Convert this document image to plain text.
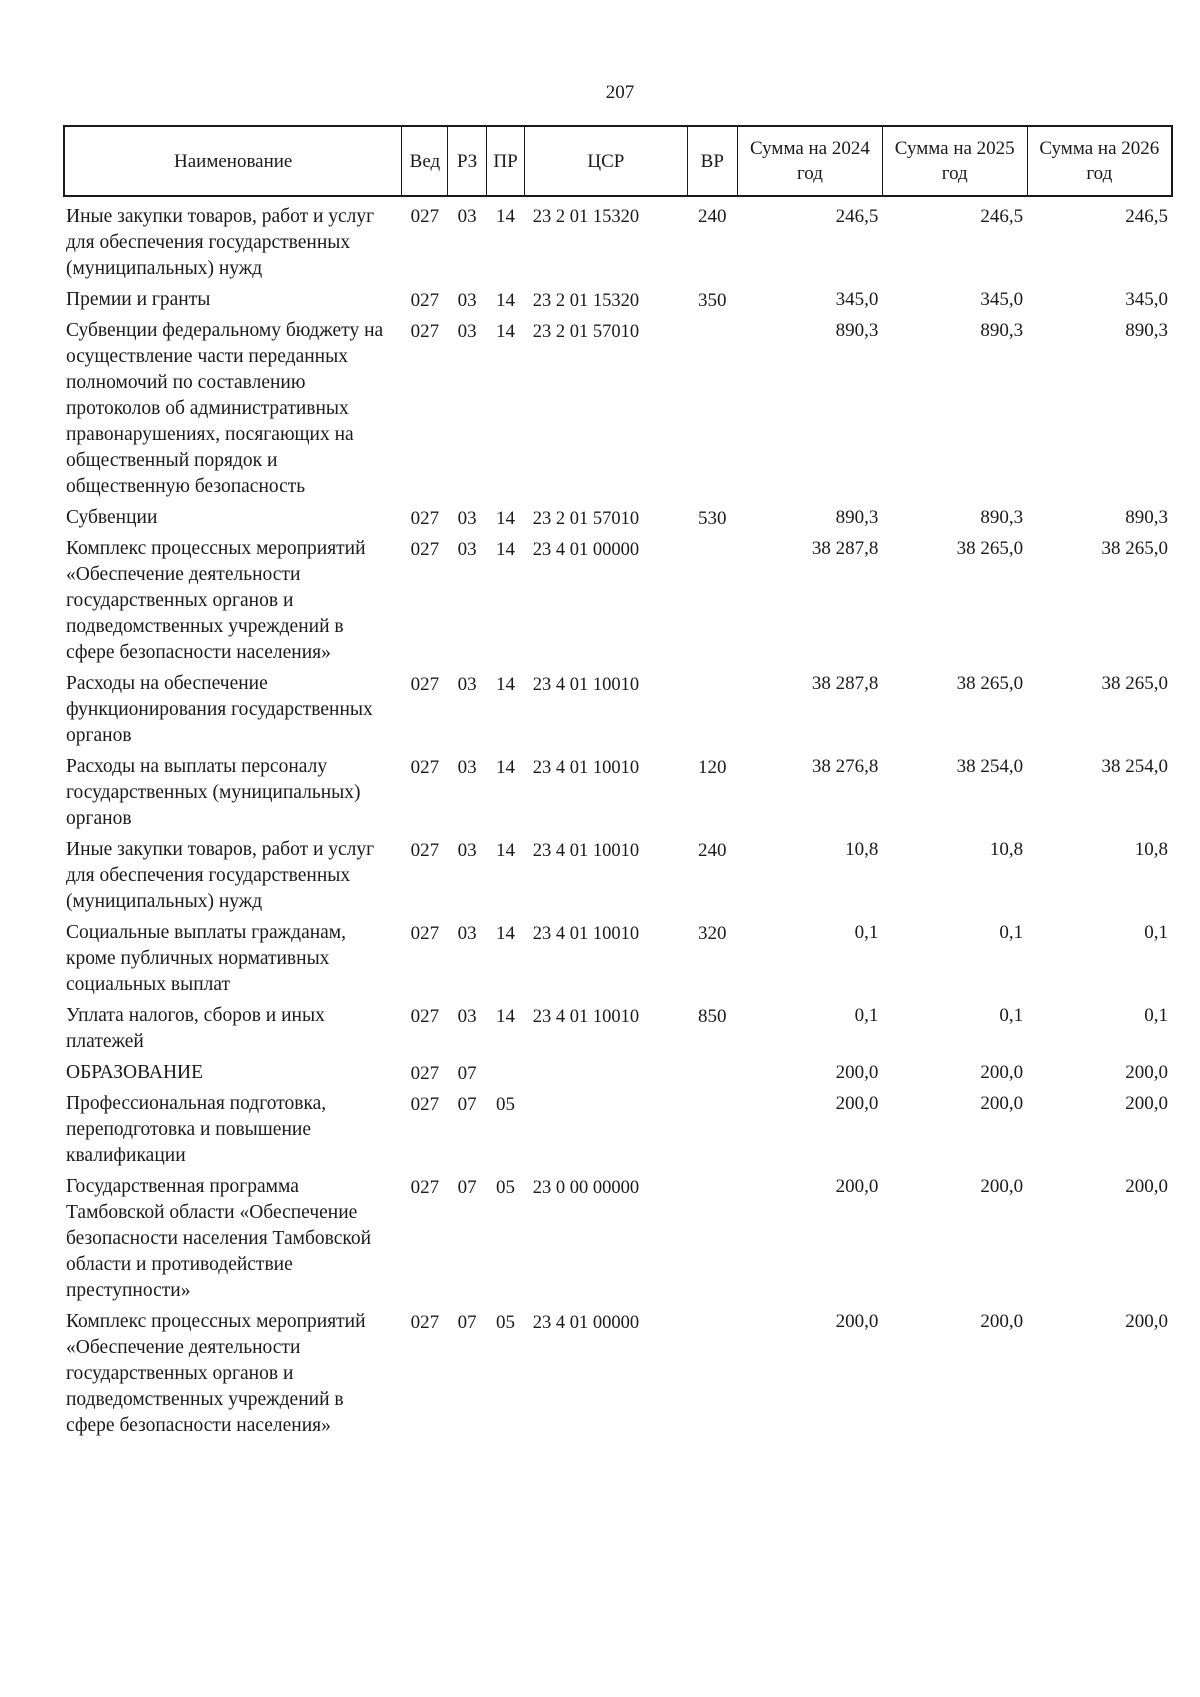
207
Наименование	Вед	РЗ	ПР	ЦСР	ВР	Сумма на 2024 год	Сумма на 2025 год	Сумма на 2026 год
Иные закупки товаров, работ и услуг для обеспечения государственных (муниципальных) нужд	027	03	14	23 2 01 15320	240	246,5	246,5	246,5
Премии и гранты	027	03	14	23 2 01 15320	350	345,0	345,0	345,0
Субвенции федеральному бюджету на осуществление части переданных полномочий по составлению протоколов об административных правонарушениях, посягающих на общественный порядок и общественную безопасность	027	03	14	23 2 01 57010		890,3	890,3	890,3
Субвенции	027	03	14	23 2 01 57010	530	890,3	890,3	890,3
Комплекс процессных мероприятий «Обеспечение деятельности государственных органов и подведомственных учреждений в сфере безопасности населения»	027	03	14	23 4 01 00000		38 287,8	38 265,0	38 265,0
Расходы на обеспечение функционирования государственных органов	027	03	14	23 4 01 10010		38 287,8	38 265,0	38 265,0
Расходы на выплаты персоналу государственных (муниципальных) органов	027	03	14	23 4 01 10010	120	38 276,8	38 254,0	38 254,0
Иные закупки товаров, работ и услуг для обеспечения государственных (муниципальных) нужд	027	03	14	23 4 01 10010	240	10,8	10,8	10,8
Социальные выплаты гражданам, кроме публичных нормативных социальных выплат	027	03	14	23 4 01 10010	320	0,1	0,1	0,1
Уплата налогов, сборов и иных платежей	027	03	14	23 4 01 10010	850	0,1	0,1	0,1
ОБРАЗОВАНИЕ	027	07				200,0	200,0	200,0
Профессиональная подготовка, переподготовка и повышение квалификации	027	07	05			200,0	200,0	200,0
Государственная программа Тамбовской области «Обеспечение безопасности населения Тамбовской области и противодействие преступности»	027	07	05	23 0 00 00000		200,0	200,0	200,0
Комплекс процессных мероприятий «Обеспечение деятельности государственных органов и подведомственных учреждений в сфере безопасности населения»	027	07	05	23 4 01 00000		200,0	200,0	200,0
